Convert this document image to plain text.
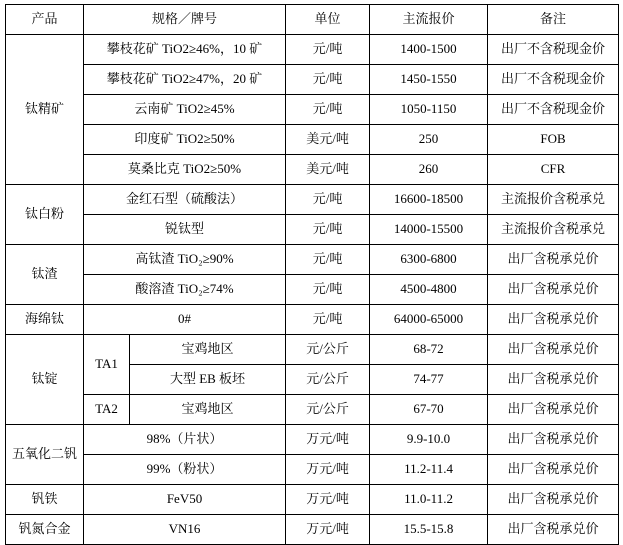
产品	规格／牌号		单位	主流报价	备注
钛精矿	攀枝花矿 TiO2≥46%，10 矿		元/吨	1400-1500	出厂不含税现金价
	攀枝花矿 TiO2≥47%，20 矿		元/吨	1450-1550	出厂不含税现金价
	云南矿 TiO2≥45%		元/吨	1050-1150	出厂不含税现金价
	印度矿 TiO2≥50%		美元/吨	250	FOB
	莫桑比克 TiO2≥50%		美元/吨	260	CFR
钛白粉	金红石型（硫酸法）		元/吨	16600-18500	主流报价含税承兑
	锐钛型		元/吨	14000-15500	主流报价含税承兑
钛渣	高钛渣 TiO₂≥90%		元/吨	6300-6800	出厂含税承兑价
	酸溶渣 TiO₂≥74%		元/吨	4500-4800	出厂含税承兑价
海绵钛	0#		元/吨	64000-65000	出厂含税承兑价
钛锭	TA1	宝鸡地区	元/公斤	68-72	出厂含税承兑价
		大型 EB 板坯	元/公斤	74-77	出厂含税承兑价
	TA2	宝鸡地区	元/公斤	67-70	出厂含税承兑价
五氧化二钒	98%（片状）		万元/吨	9.9-10.0	出厂含税承兑价
	99%（粉状）		万元/吨	11.2-11.4	出厂含税承兑价
钒铁	FeV50		万元/吨	11.0-11.2	出厂含税承兑价
钒氮合金	VN16		万元/吨	15.5-15.8	出厂含税承兑价
